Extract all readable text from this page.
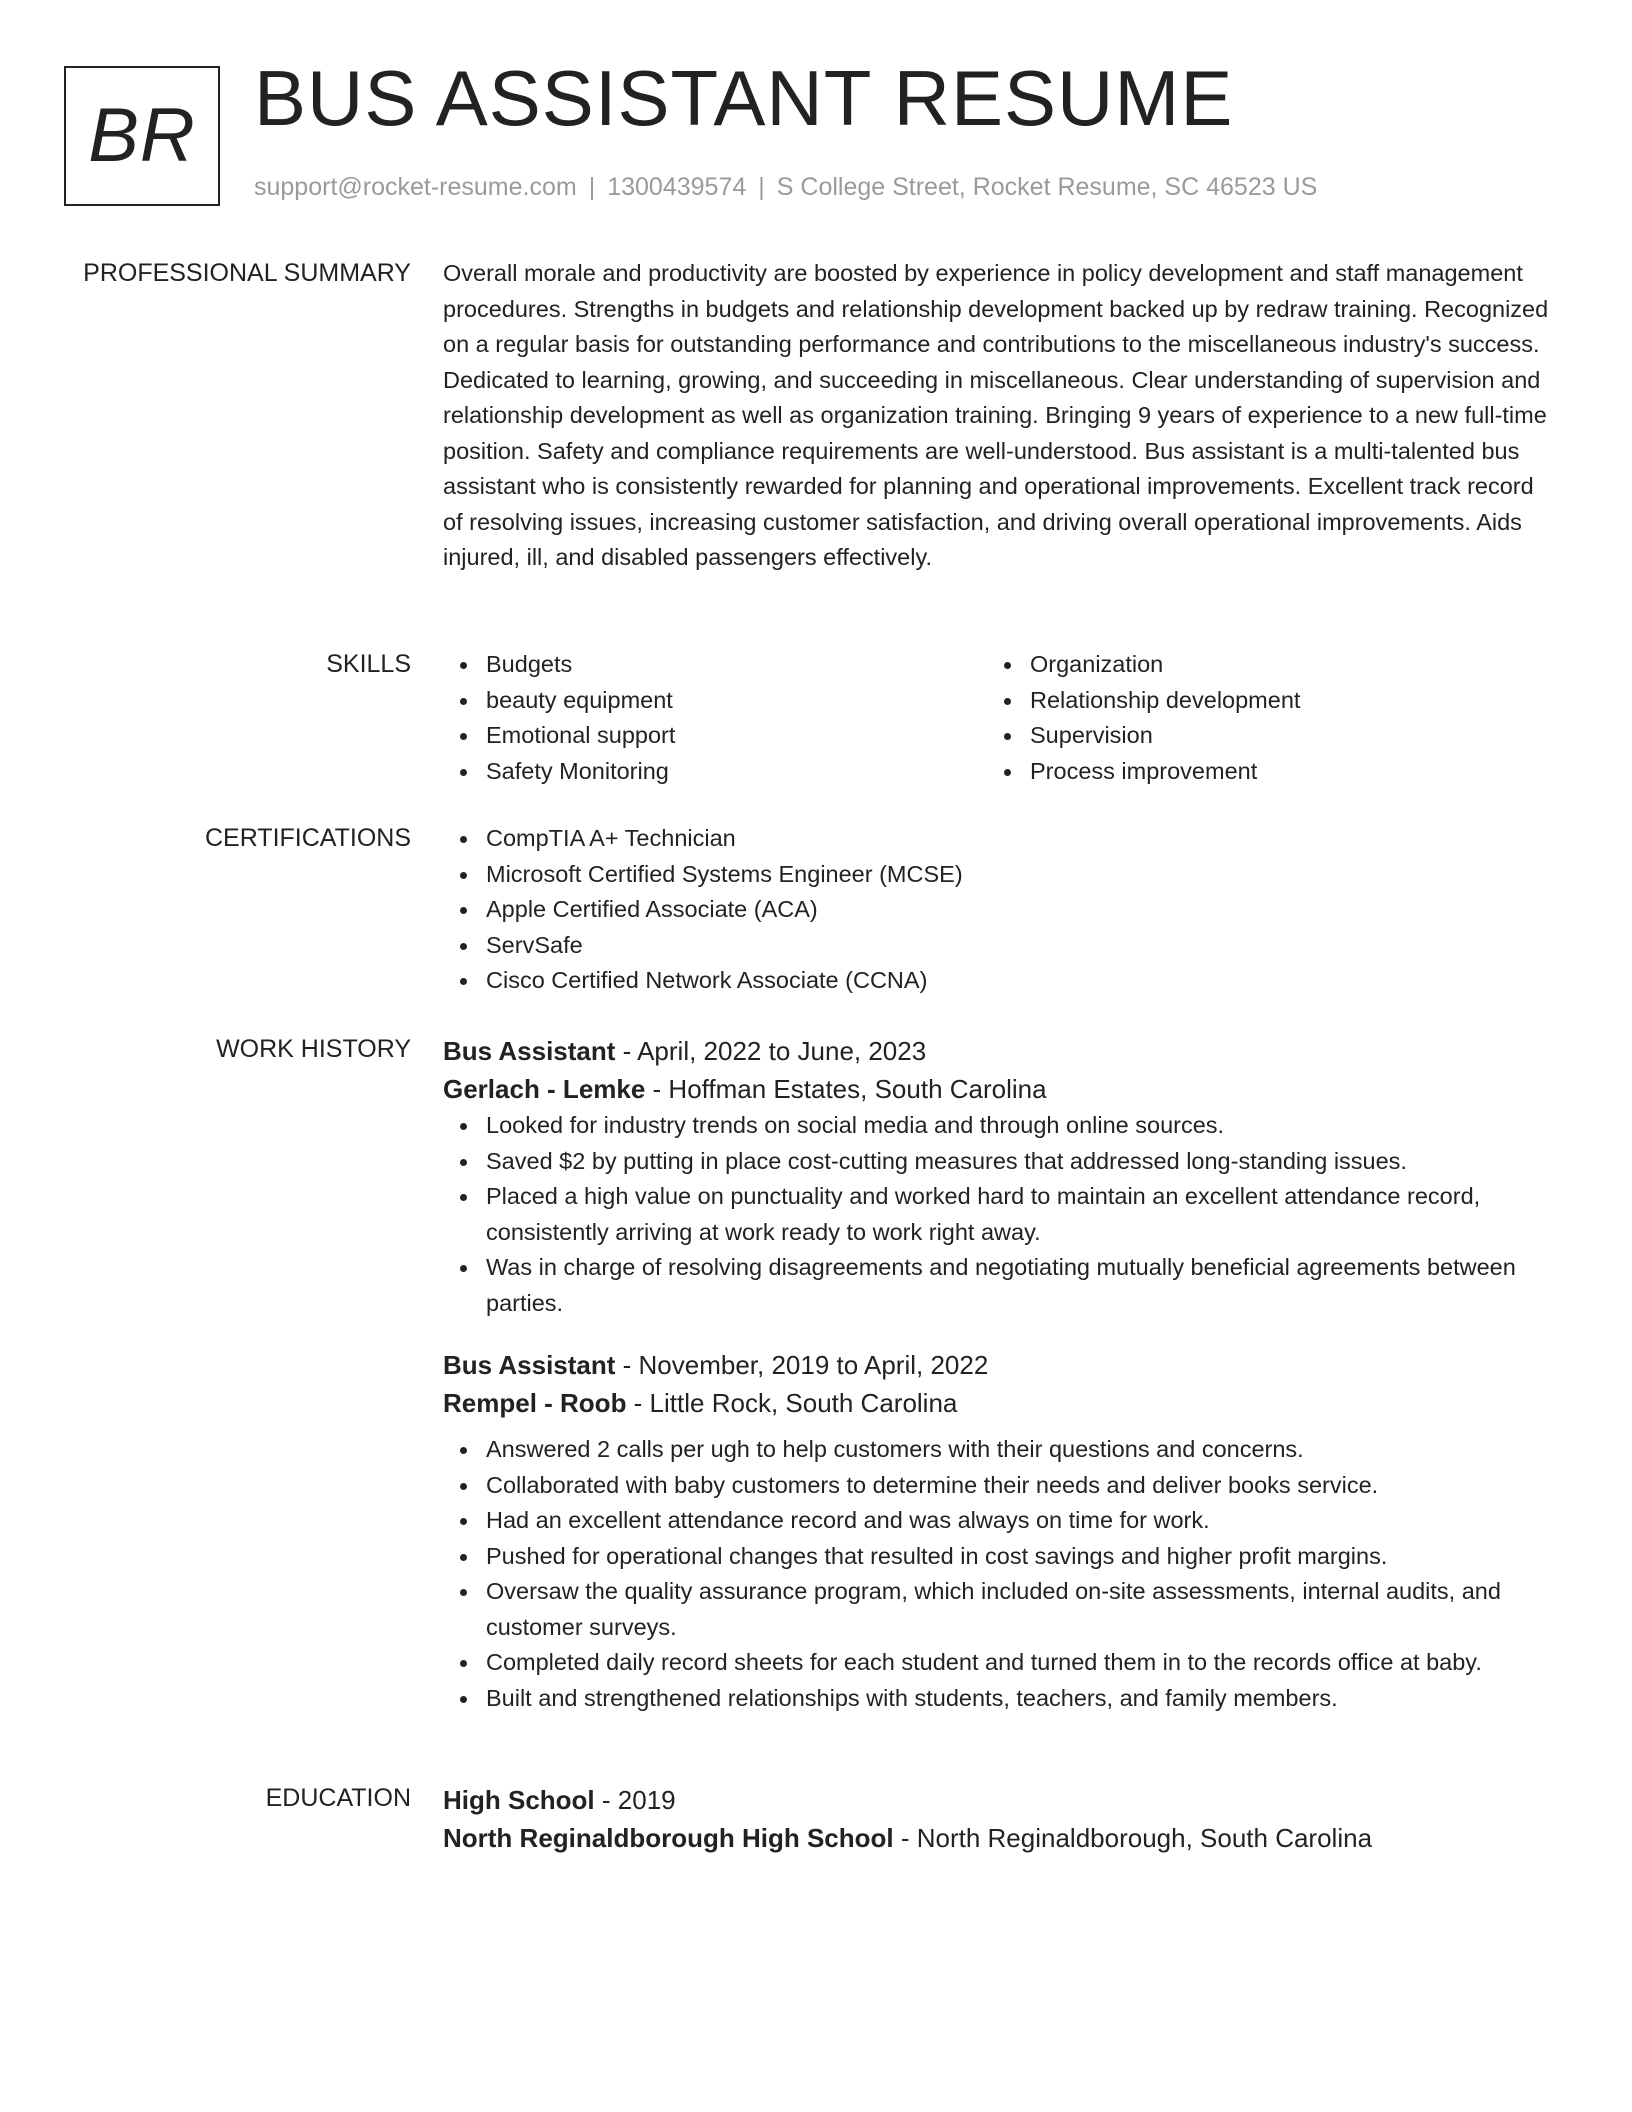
BR BUS ASSISTANT RESUME
support@rocket-resume.com | 1300439574 | S College Street, Rocket Resume, SC 46523 US
PROFESSIONAL SUMMARY Overall morale and productivity are boosted by experience in policy development and staff management procedures. Strengths in budgets and relationship development backed up by redraw training. Recognized on a regular basis for outstanding performance and contributions to the miscellaneous industry's success. Dedicated to learning, growing, and succeeding in miscellaneous. Clear understanding of supervision and relationship development as well as organization training. Bringing 9 years of experience to a new full-time position. Safety and compliance requirements are well-understood. Bus assistant is a multi-talented bus assistant who is consistently rewarded for planning and operational improvements. Excellent track record of resolving issues, increasing customer satisfaction, and driving overall operational improvements. Aids injured, ill, and disabled passengers effectively.

SKILLS	Budgets
beauty equipment
Emotional support
Safety Monitoring
Organization
Relationship development
Supervision
Process improvement
CERTIFICATIONS	CompTIA A+ Technician
Microsoft Certified Systems Engineer (MCSE)
Apple Certified Associate (ACA)
ServSafe
Cisco Certified Network Associate (CCNA)
WORK HISTORY Bus Assistant - April, 2022 to June, 2023
Gerlach - Lemke - Hoffman Estates, South Carolina
Looked for industry trends on social media and through online sources.
Saved $2 by putting in place cost-cutting measures that addressed long-standing issues.
Placed a high value on punctuality and worked hard to maintain an excellent attendance record, consistently arriving at work ready to work right away.
Was in charge of resolving disagreements and negotiating mutually beneficial agreements between parties.
Bus Assistant - November, 2019 to April, 2022
Rempel - Roob - Little Rock, South Carolina
Answered 2 calls per ugh to help customers with their questions and concerns.
Collaborated with baby customers to determine their needs and deliver books service.
Had an excellent attendance record and was always on time for work.
Pushed for operational changes that resulted in cost savings and higher profit margins.
Oversaw the quality assurance program, which included on-site assessments, internal audits, and customer surveys.
Completed daily record sheets for each student and turned them in to the records office at baby.
Built and strengthened relationships with students, teachers, and family members.
EDUCATION High School - 2019
North Reginaldborough High School - North Reginaldborough, South Carolina
